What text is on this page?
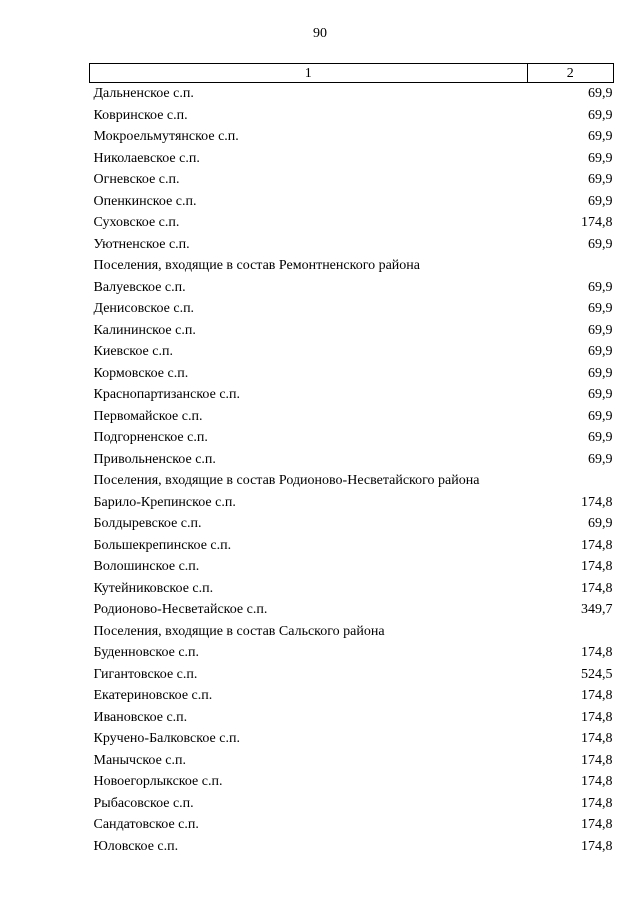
90
1	2
Дальненское с.п.	69,9
Ковринское с.п.	69,9
Мокроельмутянское с.п.	69,9
Николаевское с.п.	69,9
Огневское с.п.	69,9
Опенкинское с.п.	69,9
Суховское с.п.	174,8
Уютненское с.п.	69,9
Поселения, входящие в состав Ремонтненского района	
Валуевское с.п.	69,9
Денисовское с.п.	69,9
Калининское с.п.	69,9
Киевское с.п.	69,9
Кормовское с.п.	69,9
Краснопартизанское с.п.	69,9
Первомайское с.п.	69,9
Подгорненское с.п.	69,9
Привольненское с.п.	69,9
Поселения, входящие в состав Родионово-Несветайского района	
Барило-Крепинское с.п.	174,8
Болдыревское с.п.	69,9
Большекрепинское с.п.	174,8
Волошинское с.п.	174,8
Кутейниковское с.п.	174,8
Родионово-Несветайское с.п.	349,7
Поселения, входящие в состав Сальского района	
Буденновское с.п.	174,8
Гигантовское с.п.	524,5
Екатериновское с.п.	174,8
Ивановское с.п.	174,8
Кручено-Балковское с.п.	174,8
Манычское с.п.	174,8
Новоегорлыкское с.п.	174,8
Рыбасовское с.п.	174,8
Сандатовское с.п.	174,8
Юловское с.п.	174,8
